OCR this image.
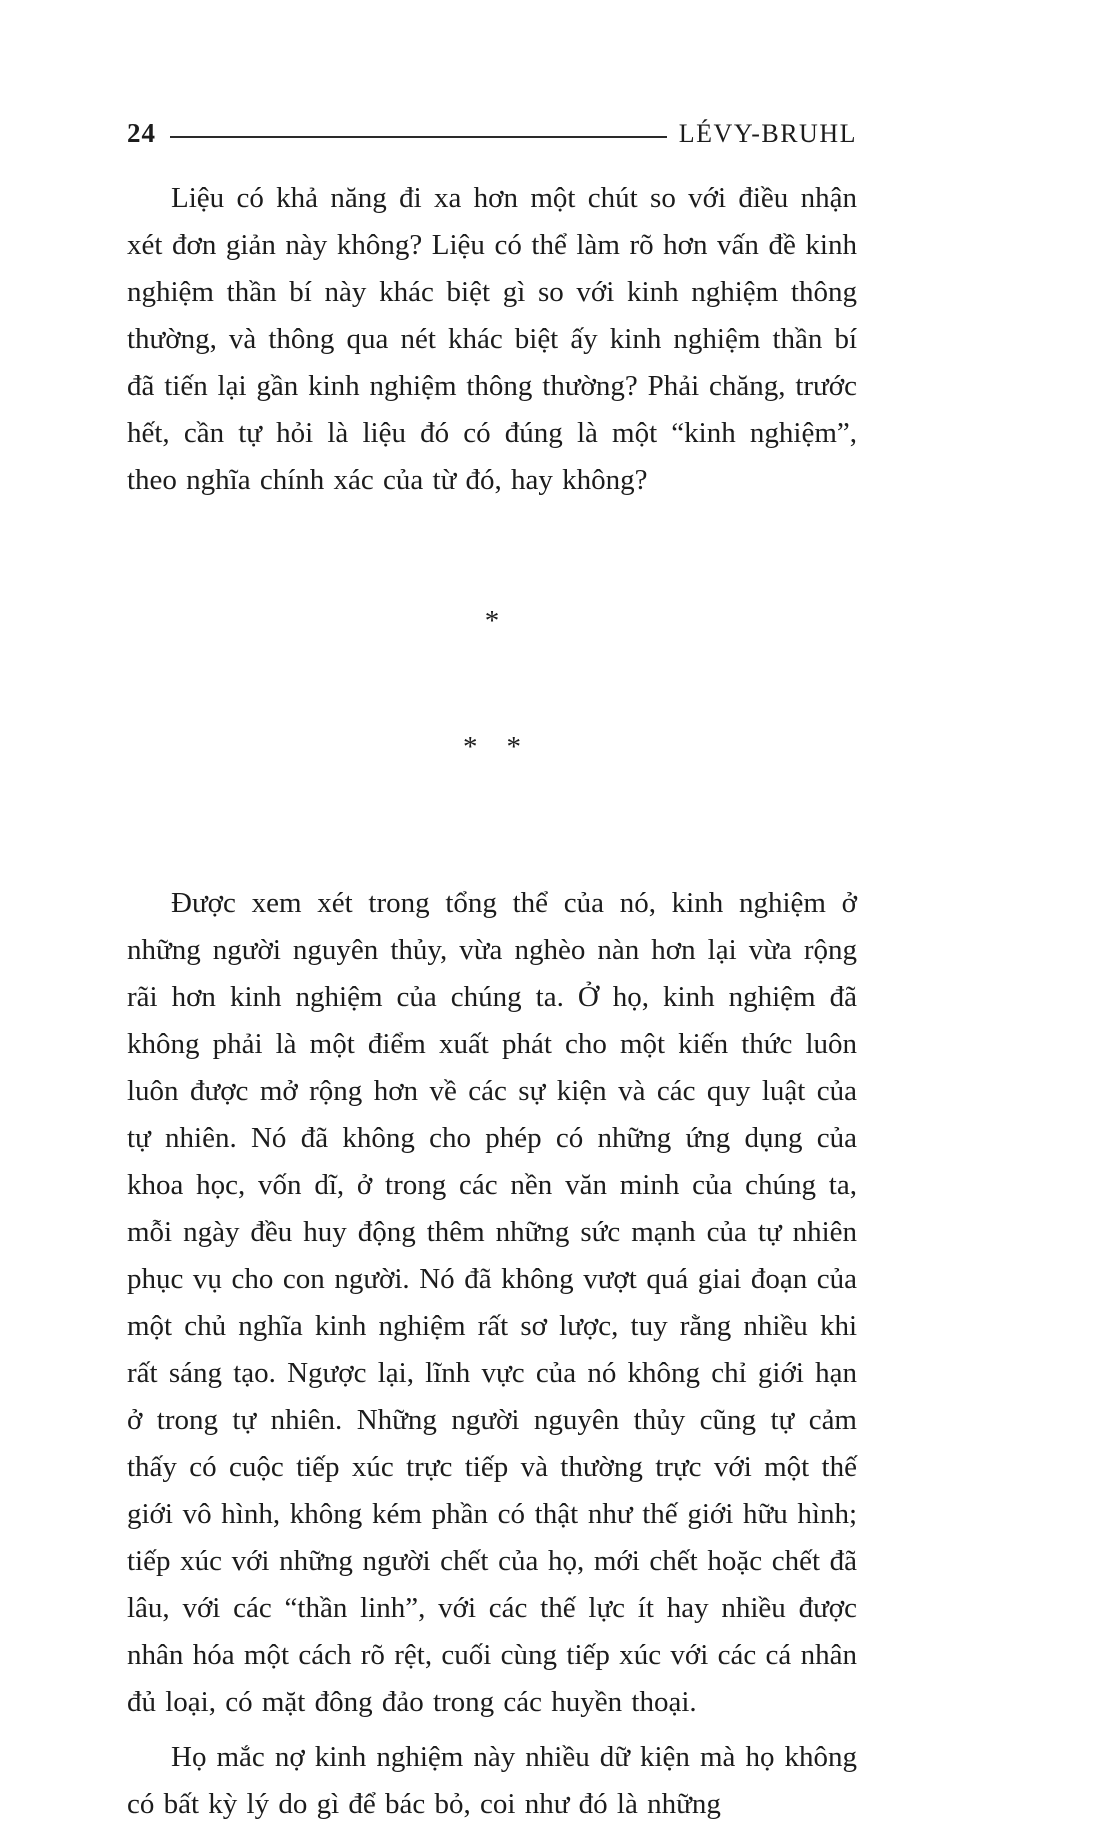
24	LÉVY-BRUHL

Liệu có khả năng đi xa hơn một chút so với điều nhận xét đơn giản này không? Liệu có thể làm rõ hơn vấn đề kinh nghiệm thần bí này khác biệt gì so với kinh nghiệm thông thường, và thông qua nét khác biệt ấy kinh nghiệm thần bí đã tiến lại gần kinh nghiệm thông thường? Phải chăng, trước hết, cần tự hỏi là liệu đó có đúng là một “kinh nghiệm”, theo nghĩa chính xác của từ đó, hay không?

*

*    *

Được xem xét trong tổng thể của nó, kinh nghiệm ở những người nguyên thủy, vừa nghèo nàn hơn lại vừa rộng rãi hơn kinh nghiệm của chúng ta. Ở họ, kinh nghiệm đã không phải là một điểm xuất phát cho một kiến thức luôn luôn được mở rộng hơn về các sự kiện và các quy luật của tự nhiên. Nó đã không cho phép có những ứng dụng của khoa học, vốn dĩ, ở trong các nền văn minh của chúng ta, mỗi ngày đều huy động thêm những sức mạnh của tự nhiên phục vụ cho con người. Nó đã không vượt quá giai đoạn của một chủ nghĩa kinh nghiệm rất sơ lược, tuy rằng nhiều khi rất sáng tạo. Ngược lại, lĩnh vực của nó không chỉ giới hạn ở trong tự nhiên. Những người nguyên thủy cũng tự cảm thấy có cuộc tiếp xúc trực tiếp và thường trực với một thế giới vô hình, không kém phần có thật như thế giới hữu hình; tiếp xúc với những người chết của họ, mới chết hoặc chết đã lâu, với các “thần linh”, với các thế lực ít hay nhiều được nhân hóa một cách rõ rệt, cuối cùng tiếp xúc với các cá nhân đủ loại, có mặt đông đảo trong các huyền thoại.

Họ mắc nợ kinh nghiệm này nhiều dữ kiện mà họ không có bất kỳ lý do gì để bác bỏ, coi như đó là những
